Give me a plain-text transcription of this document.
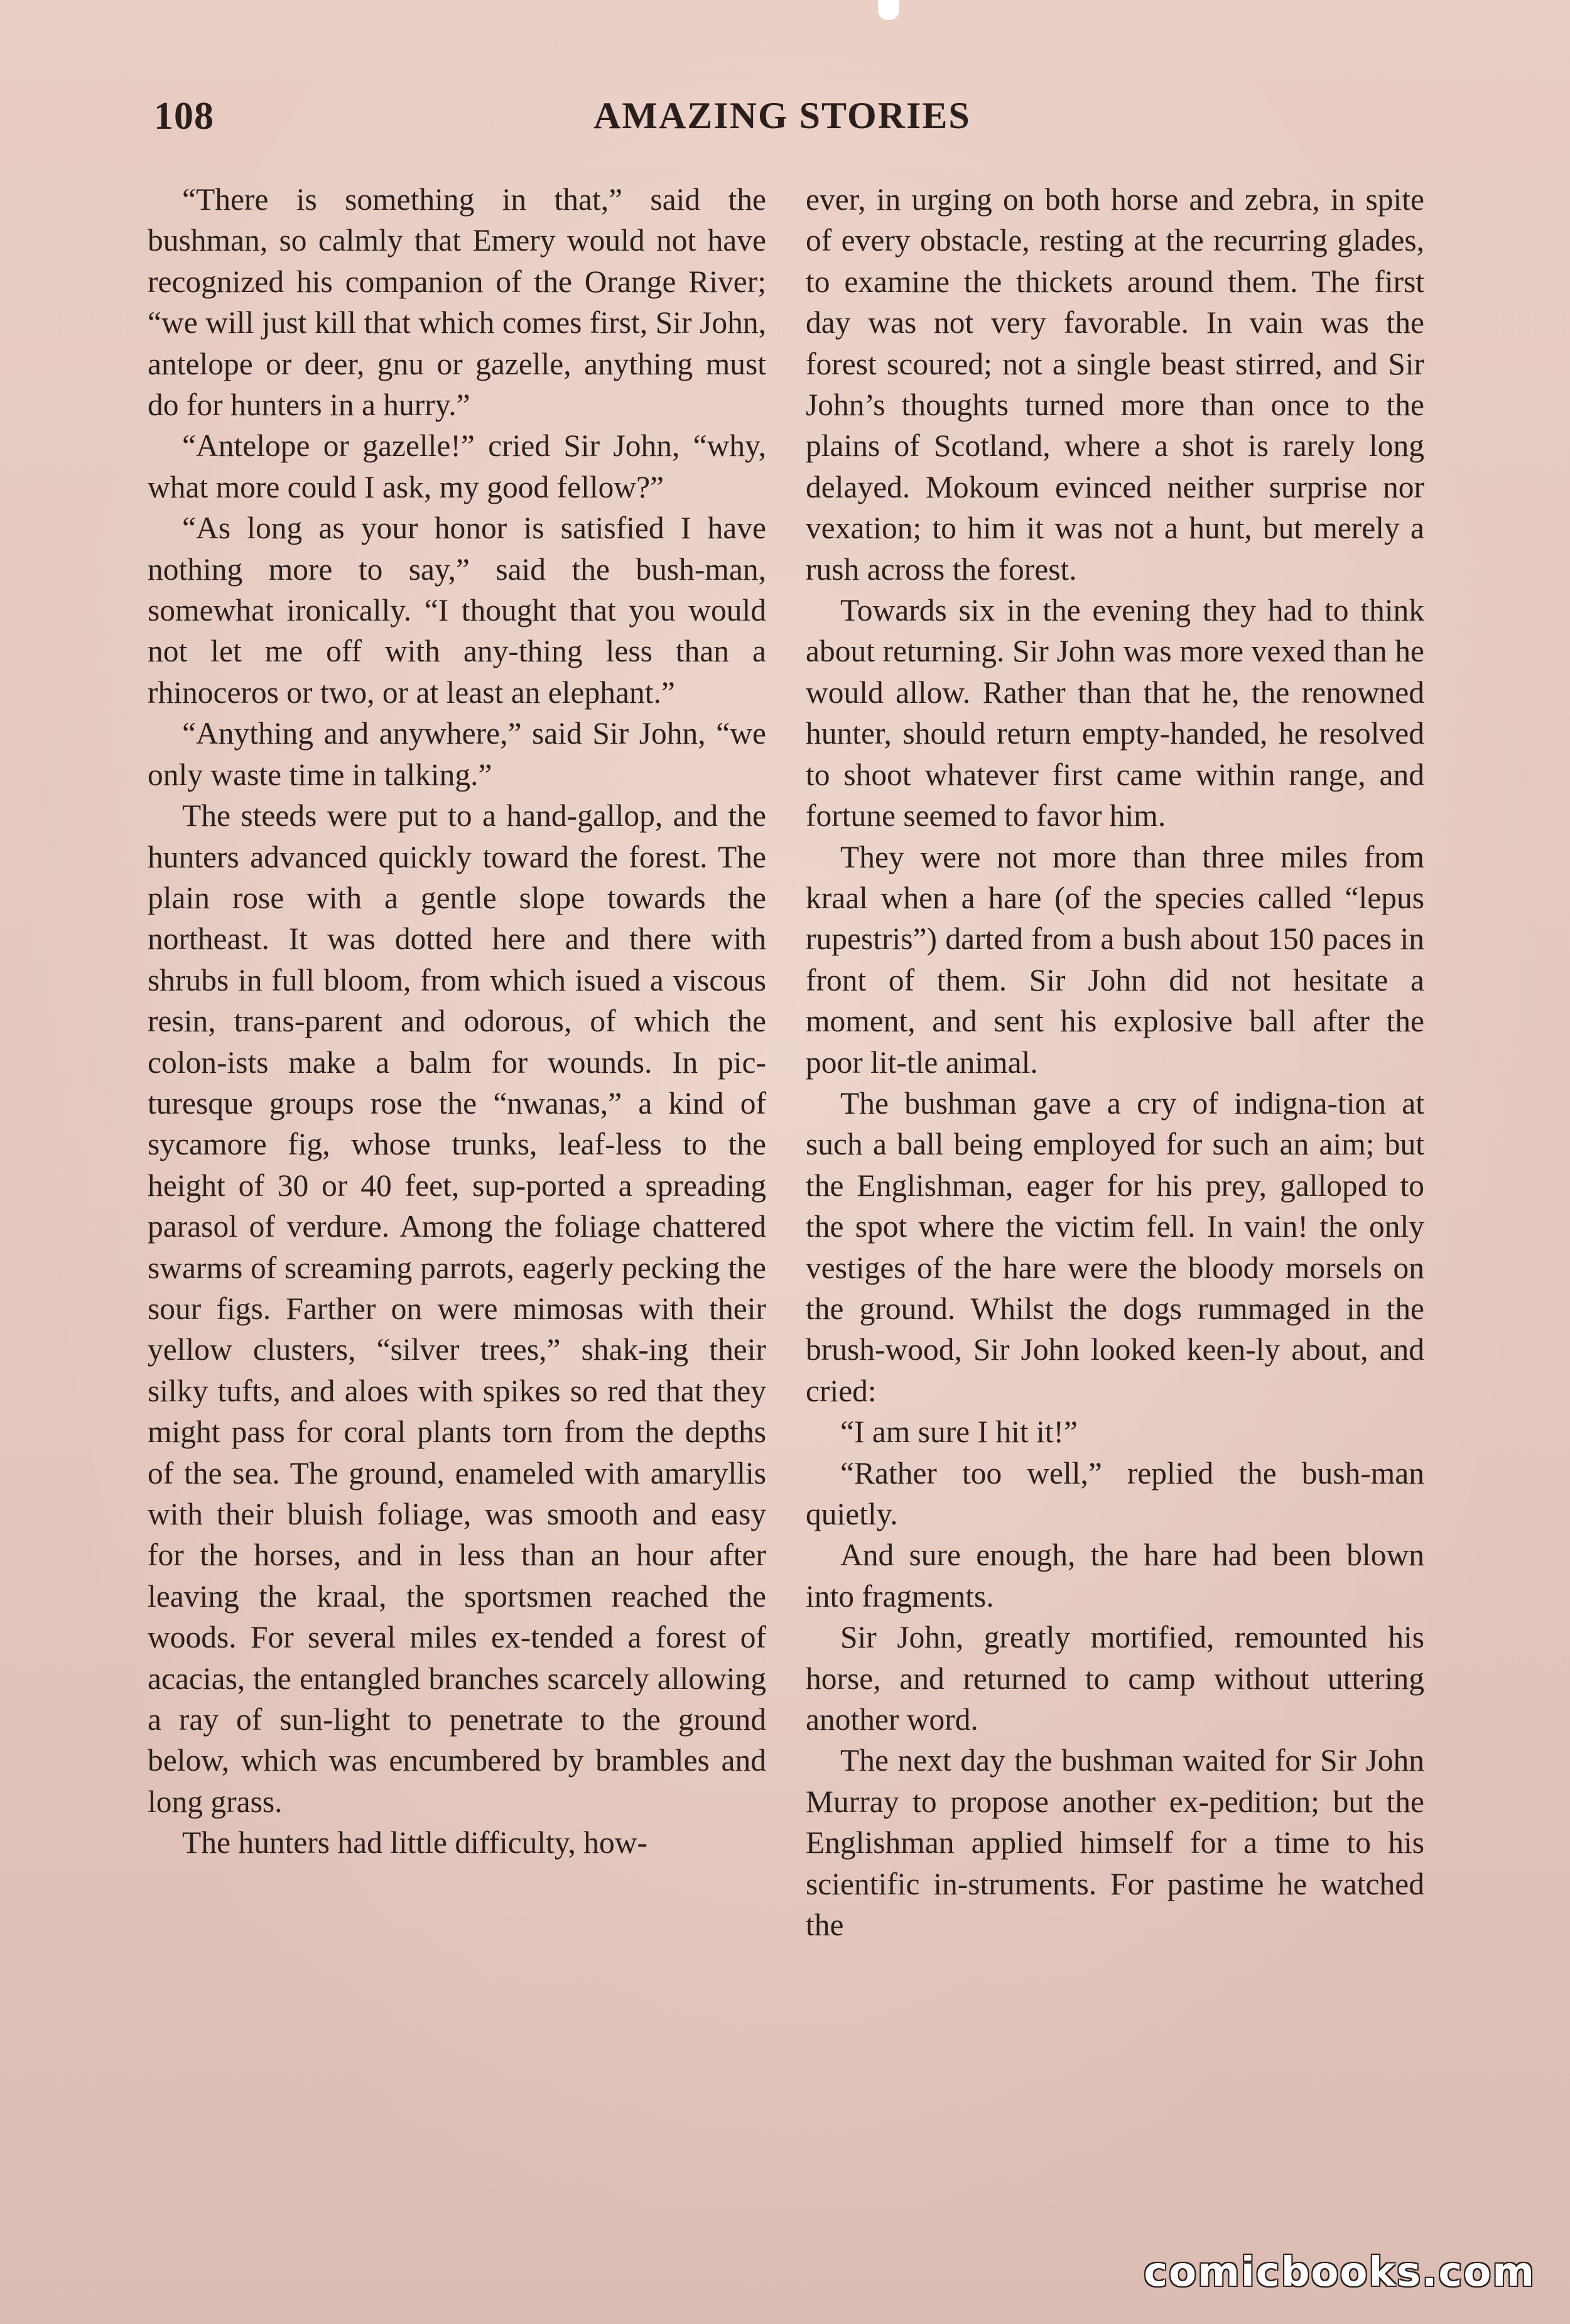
108	AMAZING STORIES

“There is something in that,” said the bushman, so calmly that Emery would not have recognized his companion of the Orange River; “we will just kill that which comes first, Sir John, antelope or deer, gnu or gazelle, anything must do for hunters in a hurry.”

“Antelope or gazelle!” cried Sir John, “why, what more could I ask, my good fellow?”

“As long as your honor is satisfied I have nothing more to say,” said the bush-man, somewhat ironically. “I thought that you would not let me off with any-thing less than a rhinoceros or two, or at least an elephant.”

“Anything and anywhere,” said Sir John, “we only waste time in talking.”

The steeds were put to a hand-gallop, and the hunters advanced quickly toward the forest. The plain rose with a gentle slope towards the northeast. It was dotted here and there with shrubs in full bloom, from which isued a viscous resin, trans-parent and odorous, of which the colon-ists make a balm for wounds. In pic-turesque groups rose the “nwanas,” a kind of sycamore fig, whose trunks, leaf-less to the height of 30 or 40 feet, sup-ported a spreading parasol of verdure. Among the foliage chattered swarms of screaming parrots, eagerly pecking the sour figs. Farther on were mimosas with their yellow clusters, “silver trees,” shak-ing their silky tufts, and aloes with spikes so red that they might pass for coral plants torn from the depths of the sea. The ground, enameled with amaryllis with their bluish foliage, was smooth and easy for the horses, and in less than an hour after leaving the kraal, the sportsmen reached the woods. For several miles ex-tended a forest of acacias, the entangled branches scarcely allowing a ray of sun-light to penetrate to the ground below, which was encumbered by brambles and long grass.

The hunters had little difficulty, how-

ever, in urging on both horse and zebra, in spite of every obstacle, resting at the recurring glades, to examine the thickets around them. The first day was not very favorable. In vain was the forest scoured; not a single beast stirred, and Sir John’s thoughts turned more than once to the plains of Scotland, where a shot is rarely long delayed. Mokoum evinced neither surprise nor vexation; to him it was not a hunt, but merely a rush across the forest.

Towards six in the evening they had to think about returning. Sir John was more vexed than he would allow. Rather than that he, the renowned hunter, should return empty-handed, he resolved to shoot whatever first came within range, and fortune seemed to favor him.

They were not more than three miles from kraal when a hare (of the species called “lepus rupestris”) darted from a bush about 150 paces in front of them. Sir John did not hesitate a moment, and sent his explosive ball after the poor lit-tle animal.

The bushman gave a cry of indigna-tion at such a ball being employed for such an aim; but the Englishman, eager for his prey, galloped to the spot where the victim fell. In vain! the only vestiges of the hare were the bloody morsels on the ground. Whilst the dogs rummaged in the brush-wood, Sir John looked keen-ly about, and cried:

“I am sure I hit it!”

“Rather too well,” replied the bush-man quietly.

And sure enough, the hare had been blown into fragments.

Sir John, greatly mortified, remounted his horse, and returned to camp without uttering another word.

The next day the bushman waited for Sir John Murray to propose another ex-pedition; but the Englishman applied himself for a time to his scientific in-struments. For pastime he watched the

comicbooks.com
